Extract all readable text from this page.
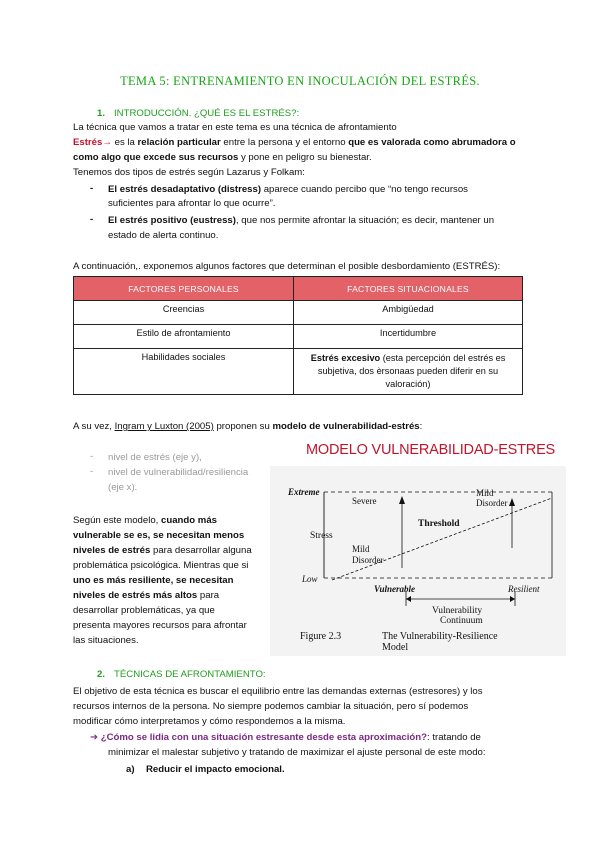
TEMA 5: ENTRENAMIENTO EN INOCULACIÓN DEL ESTRÉS.
1. INTRODUCCIÓN. ¿QUÉ ES EL ESTRÉS?:
La técnica que vamos a tratar en este tema es una técnica de afrontamiento
Estrés→ es la relación particular entre la persona y el entorno que es valorada como abrumadora o
como algo que excede sus recursos y pone en peligro su bienestar.
Tenemos dos tipos de estrés según Lazarus y Folkam:
- El estrés desadaptativo (distress) aparece cuando percibo que “no tengo recursos
suficientes para afrontar lo que ocurre”.
- El estrés positivo (eustress), que nos permite afrontar la situación; es decir, mantener un
estado de alerta continuo.
A continuación,. exponemos algunos factores que determinan el posible desbordamiento (ESTRÉS):
FACTORES PERSONALES	FACTORES SITUACIONALES
Creencias	Ambigüedad
Estilo de afrontamiento	Incertidumbre
Habilidades sociales	Estrés excesivo (esta percepción del estrés es
subjetiva, dos èrsonaas pueden diferir en su
valoración)
A su vez, Ingram y Luxton (2005) proponen su modelo de vulnerabilidad-estrés:
- nivel de estrés (eje y),
- nivel de vulnerabilidad/resiliencia
(eje x).
Según este modelo, cuando más
vulnerable se es, se necesitan menos
niveles de estrés para desarrollar alguna
problemática psicológica. Mientras que si
uno es más resiliente, se necesitan
niveles de estrés más altos para
desarrollar problemáticas, ya que
presenta mayores recursos para afrontar
las situaciones.
MODELO VULNERABILIDAD-ESTRES
Extreme
Low
Severe
Stress
Mild
Disorder
Threshold
Mild
Disorder
Vulnerable	Resilient
Vulnerability
Continuum
Figure 2.3	The Vulnerability-Resilience
Model
2. TÉCNICAS DE AFRONTAMIENTO:
El objetivo de esta técnica es buscar el equilibrio entre las demandas externas (estresores) y los
recursos internos de la persona. No siempre podemos cambiar la situación, pero sí podemos
modificar cómo interpretamos y cómo respondemos a la misma.
➔ ¿Cómo se lidia con una situación estresante desde esta aproximación?: tratando de
minimizar el malestar subjetivo y tratando de maximizar el ajuste personal de este modo:
a) Reducir el impacto emocional.
